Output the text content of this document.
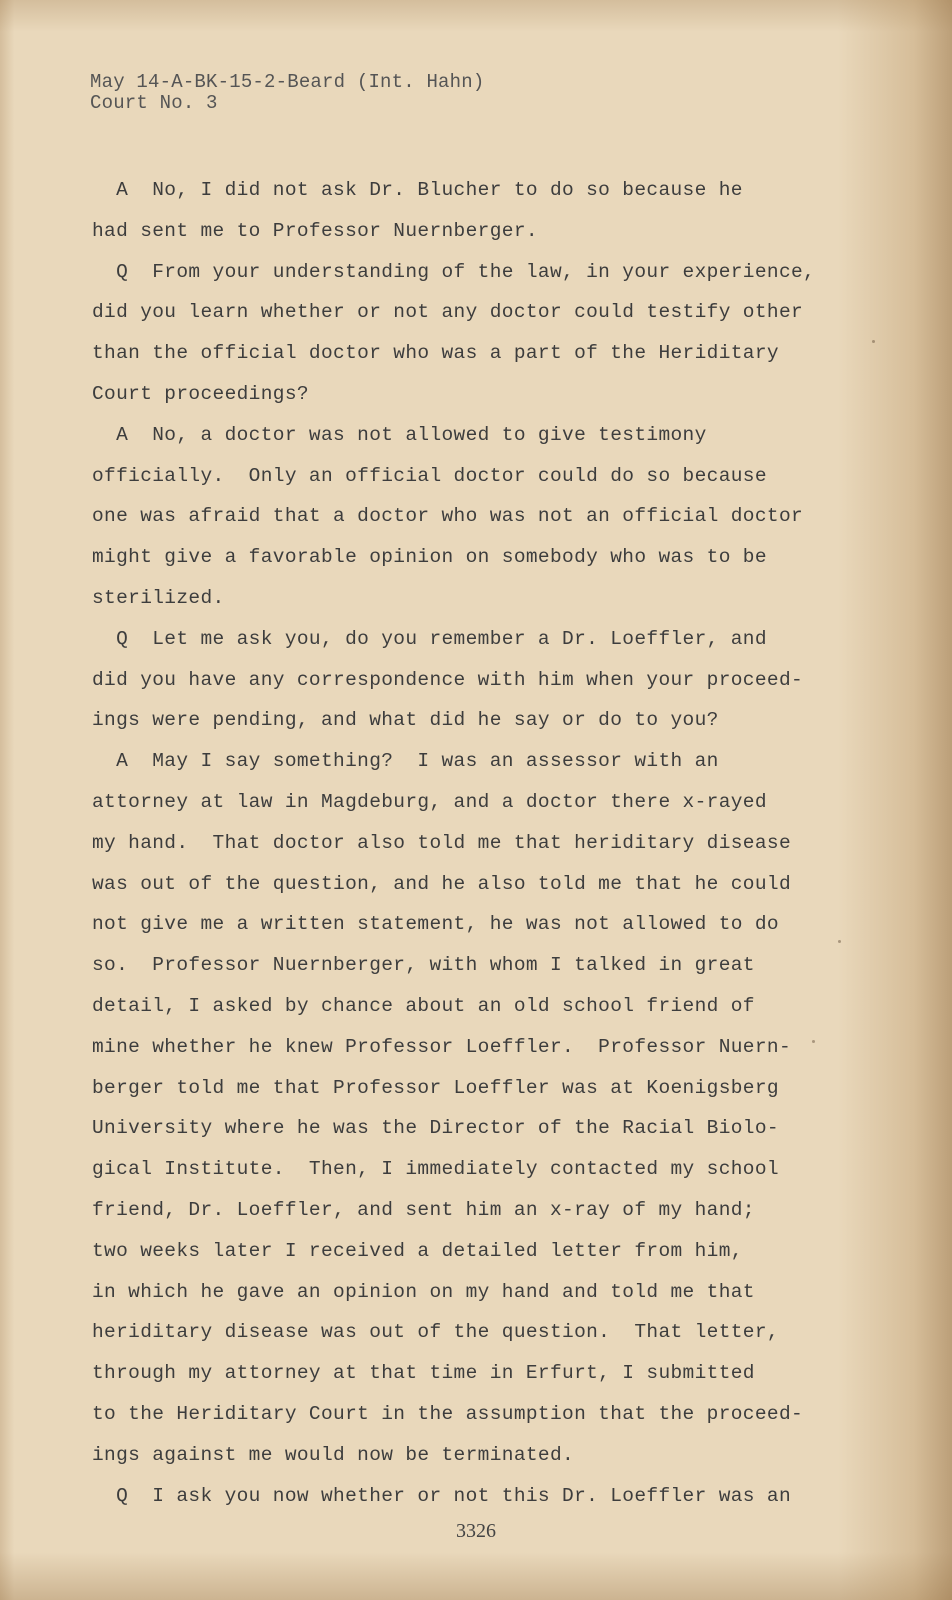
May 14-A-BK-15-2-Beard (Int. Hahn)
Court No. 3
A  No, I did not ask Dr. Blucher to do so because he
had sent me to Professor Nuernberger.
Q  From your understanding of the law, in your experience,
did you learn whether or not any doctor could testify other
than the official doctor who was a part of the Heriditary
Court proceedings?
A  No, a doctor was not allowed to give testimony
officially.  Only an official doctor could do so because
one was afraid that a doctor who was not an official doctor
might give a favorable opinion on somebody who was to be
sterilized.
Q  Let me ask you, do you remember a Dr. Loeffler, and
did you have any correspondence with him when your proceed-
ings were pending, and what did he say or do to you?
A  May I say something?  I was an assessor with an
attorney at law in Magdeburg, and a doctor there x-rayed
my hand.  That doctor also told me that heriditary disease
was out of the question, and he also told me that he could
not give me a written statement, he was not allowed to do
so.  Professor Nuernberger, with whom I talked in great
detail, I asked by chance about an old school friend of
mine whether he knew Professor Loeffler.  Professor Nuern-
berger told me that Professor Loeffler was at Koenigsberg
University where he was the Director of the Racial Biolo-
gical Institute.  Then, I immediately contacted my school
friend, Dr. Loeffler, and sent him an x-ray of my hand;
two weeks later I received a detailed letter from him,
in which he gave an opinion on my hand and told me that
heriditary disease was out of the question.  That letter,
through my attorney at that time in Erfurt, I submitted
to the Heriditary Court in the assumption that the proceed-
ings against me would now be terminated.
Q  I ask you now whether or not this Dr. Loeffler was an
3326
